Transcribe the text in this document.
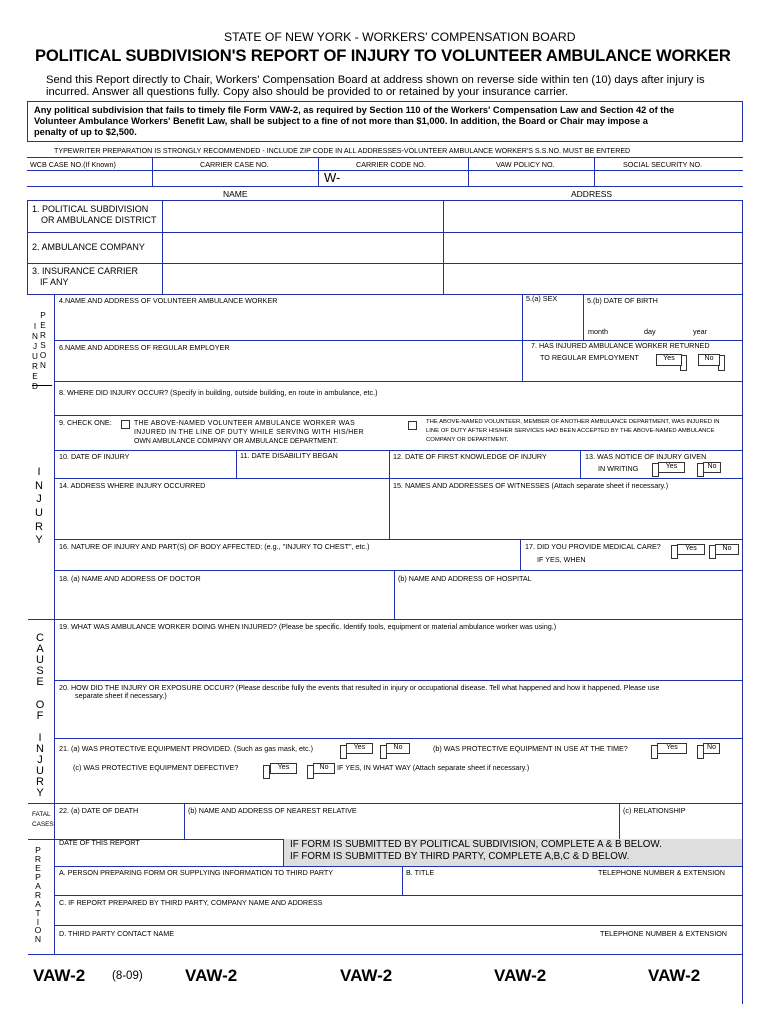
STATE OF NEW YORK - WORKERS' COMPENSATION BOARD
POLITICAL SUBDIVISION'S REPORT OF INJURY TO VOLUNTEER AMBULANCE WORKER
Send this Report directly to Chair, Workers' Compensation Board at address shown on reverse side within ten (10) days after injury is
incurred. Answer all questions fully. Copy also should be provided to or retained by your insurance carrier.
Any political subdivision that fails to timely file Form VAW-2, as required by Section 110 of the Workers' Compensation Law and Section 42 of the
Volunteer Ambulance Workers' Benefit Law, shall be subject to a fine of not more than $1,000. In addition, the Board or Chair may impose a
penalty of up to $2,500.
TYPEWRITER PREPARATION IS STRONGLY RECOMMENDED - INCLUDE ZIP CODE IN ALL ADDRESSES-VOLUNTEER AMBULANCE WORKER'S S.S.NO. MUST BE ENTERED
WCB CASE NO.(If Known)	CARRIER CASE NO.	CARRIER CODE NO.	VAW POLICY NO.	SOCIAL SECURITY NO.
W-
NAME	ADDRESS
1. POLITICAL SUBDIVISION
OR AMBULANCE DISTRICT
2. AMBULANCE COMPANY
3. INSURANCE CARRIER
IF ANY
I
N
J
U
R
E
D
P
E
R
S
O
N
4.NAME AND ADDRESS OF VOLUNTEER AMBULANCE WORKER	5.(a) SEX	5.(b) DATE OF BIRTH
month	day	year
6.NAME AND ADDRESS OF REGULAR EMPLOYER	7. HAS INJURED AMBULANCE WORKER RETURNED
TO REGULAR EMPLOYMENT	Yes	No
I
N
J
U
R
Y
8. WHERE DID INJURY OCCUR? (Specify in building, outside building, en route in ambulance, etc.)
9. CHECK ONE:	THE ABOVE-NAMED VOLUNTEER AMBULANCE WORKER WAS
INJURED IN THE LINE OF DUTY WHILE SERVING WITH HIS/HER
OWN AMBULANCE COMPANY OR AMBULANCE DEPARTMENT.
THE ABOVE-NAMED VOLUNTEER, MEMBER OF ANOTHER AMBULANCE DEPARTMENT, WAS INJURED IN
LINE OF DUTY AFTER HIS/HER SERVICES HAD BEEN ACCEPTED BY THE ABOVE-NAMED AMBULANCE
COMPANY OR DEPARTMENT.
10. DATE OF INJURY	11. DATE DISABILITY BEGAN	12. DATE OF FIRST KNOWLEDGE OF INJURY	13. WAS NOTICE OF INJURY GIVEN
IN WRITING	Yes	No
14. ADDRESS WHERE INJURY OCCURRED	15. NAMES AND ADDRESSES OF WITNESSES (Attach separate sheet if necessary.)
16. NATURE OF INJURY AND PART(S) OF BODY AFFECTED: (e.g., "INJURY TO CHEST", etc.)	17. DID YOU PROVIDE MEDICAL CARE?
IF YES, WHEN
Yes	No
18. (a) NAME AND ADDRESS OF DOCTOR	(b) NAME AND ADDRESS OF HOSPITAL
C
A
U
S
E
O
F
I
N
J
U
R
Y
19. WHAT WAS AMBULANCE WORKER DOING WHEN INJURED? (Please be specific. Identify tools, equipment or material ambulance worker was using.)
20. HOW DID THE INJURY OR EXPOSURE OCCUR? (Please describe fully the events that resulted in injury or occupational disease. Tell what happened and how it happened. Please use
separate sheet if necessary.)
21. (a) WAS PROTECTIVE EQUIPMENT PROVIDED. (Such as gas mask, etc.)	Yes	No	(b) WAS PROTECTIVE EQUIPMENT IN USE AT THE TIME?	Yes	No
(c) WAS PROTECTIVE EQUIPMENT DEFECTIVE?	Yes	No	IF YES, IN WHAT WAY (Attach separate sheet if necessary.)
FATAL
CASES
22. (a) DATE OF DEATH	(b) NAME AND ADDRESS OF NEAREST RELATIVE	(c) RELATIONSHIP
P
R
E
P
A
R
A
T
I
O
N
DATE OF THIS REPORT	IF FORM IS SUBMITTED BY POLITICAL SUBDIVISION, COMPLETE A & B BELOW.
IF FORM IS SUBMITTED BY THIRD PARTY, COMPLETE A,B,C & D BELOW.
A. PERSON PREPARING FORM OR SUPPLYING INFORMATION TO THIRD PARTY	B. TITLE	TELEPHONE NUMBER & EXTENSION
C. IF REPORT PREPARED BY THIRD PARTY, COMPANY NAME AND ADDRESS
D. THIRD PARTY CONTACT NAME	TELEPHONE NUMBER & EXTENSION
VAW-2 (8-09) VAW-2	VAW-2	VAW-2	VAW-2
